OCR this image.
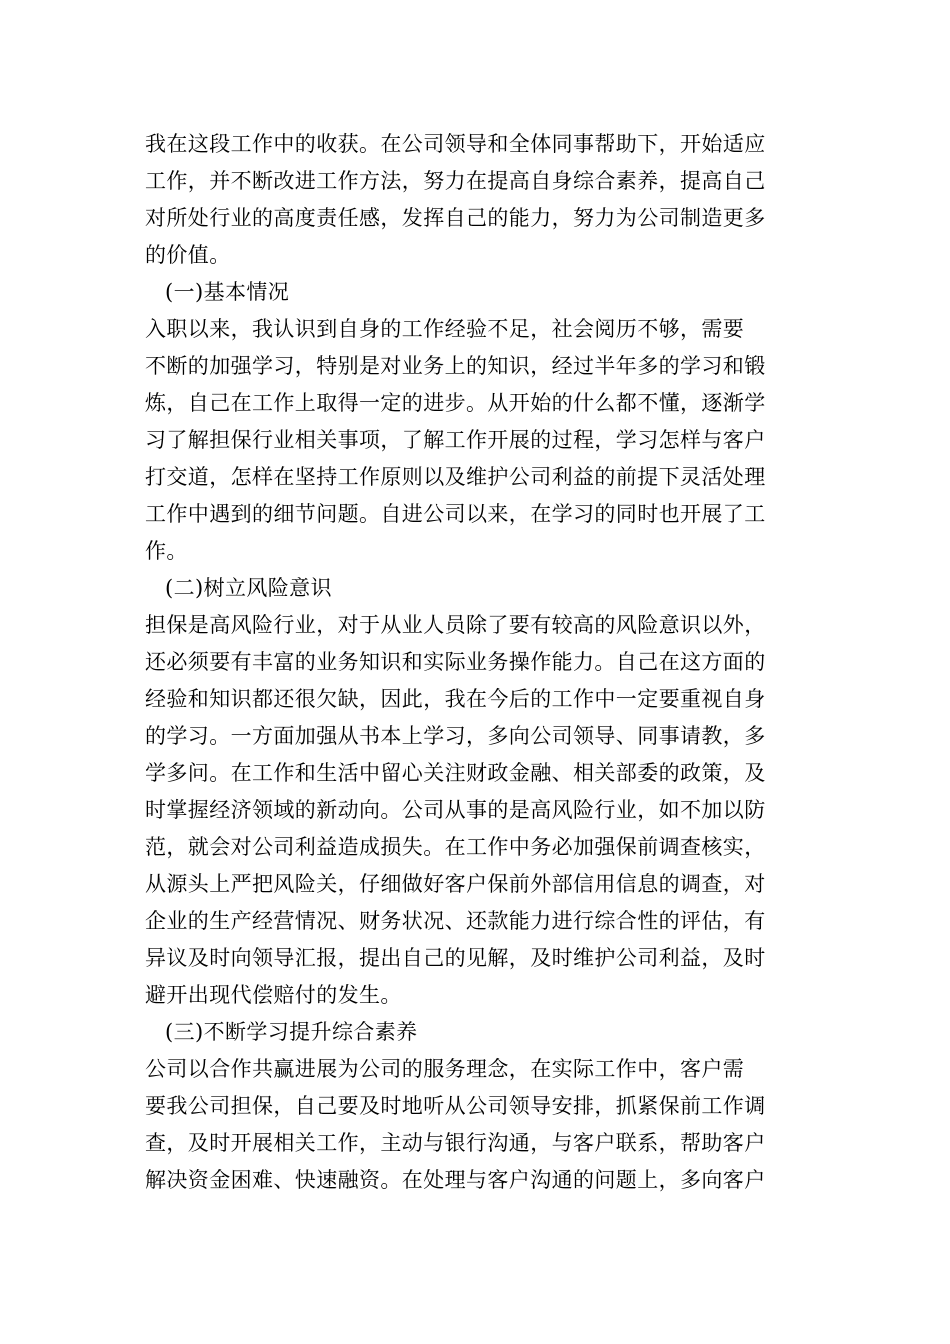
我在这段工作中的收获。在公司领导和全体同事帮助下，开始适应
工作，并不断改进工作方法，努力在提高自身综合素养，提高自己
对所处行业的高度责任感，发挥自己的能力，努力为公司制造更多
的价值。
(一)基本情况
入职以来，我认识到自身的工作经验不足，社会阅历不够，需要
不断的加强学习，特别是对业务上的知识，经过半年多的学习和锻
炼，自己在工作上取得一定的进步。从开始的什么都不懂，逐渐学
习了解担保行业相关事项，了解工作开展的过程，学习怎样与客户
打交道，怎样在坚持工作原则以及维护公司利益的前提下灵活处理
工作中遇到的细节问题。自进公司以来，在学习的同时也开展了工
作。
(二)树立风险意识
担保是高风险行业，对于从业人员除了要有较高的风险意识以外，
还必须要有丰富的业务知识和实际业务操作能力。自己在这方面的
经验和知识都还很欠缺，因此，我在今后的工作中一定要重视自身
的学习。一方面加强从书本上学习，多向公司领导、同事请教，多
学多问。在工作和生活中留心关注财政金融、相关部委的政策，及
时掌握经济领域的新动向。公司从事的是高风险行业，如不加以防
范，就会对公司利益造成损失。在工作中务必加强保前调查核实，
从源头上严把风险关，仔细做好客户保前外部信用信息的调查，对
企业的生产经营情况、财务状况、还款能力进行综合性的评估，有
异议及时向领导汇报，提出自己的见解，及时维护公司利益，及时
避开出现代偿赔付的发生。
(三)不断学习提升综合素养
公司以合作共赢进展为公司的服务理念，在实际工作中，客户需
要我公司担保，自己要及时地听从公司领导安排，抓紧保前工作调
查，及时开展相关工作，主动与银行沟通，与客户联系，帮助客户
解决资金困难、快速融资。在处理与客户沟通的问题上，多向客户
